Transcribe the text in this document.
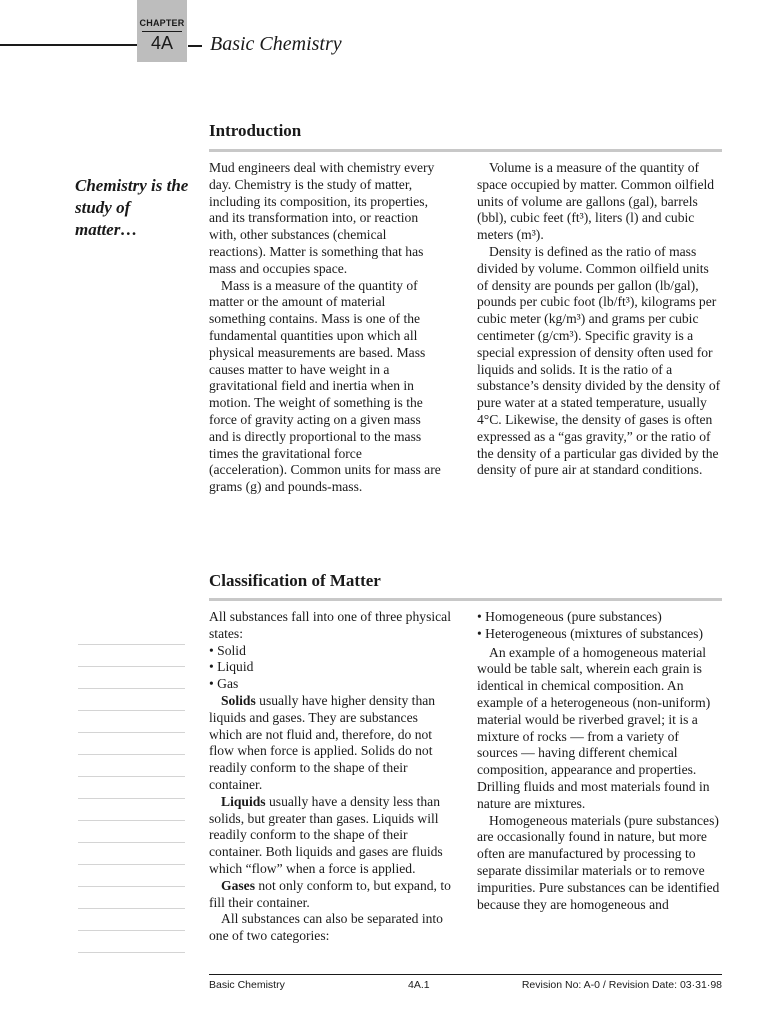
CHAPTER
4A	Basic Chemistry
Introduction
Chemistry is the study of matter…

Mud engineers deal with chemistry every day. Chemistry is the study of matter, including its composition, its properties, and its transformation into, or reaction with, other substances (chemical reactions). Matter is something that has mass and occupies space.

Mass is a measure of the quantity of matter or the amount of material something contains. Mass is one of the fundamental quantities upon which all physical measurements are based. Mass causes matter to have weight in a gravitational field and inertia when in motion. The weight of something is the force of gravity acting on a given mass and is directly proportional to the mass times the gravitational force (acceleration). Common units for mass are grams (g) and pounds-mass.

Volume is a measure of the quantity of space occupied by matter. Common oilfield units of volume are gallons (gal), barrels (bbl), cubic feet (ft³), liters (l) and cubic meters (m³).

Density is defined as the ratio of mass divided by volume. Common oilfield units of density are pounds per gallon (lb/gal), pounds per cubic foot (lb/ft³), kilograms per cubic meter (kg/m³) and grams per cubic centimeter (g/cm³). Specific gravity is a special expression of density often used for liquids and solids. It is the ratio of a substance’s density divided by the density of pure water at a stated temperature, usually 4°C. Likewise, the density of gases is often expressed as a “gas gravity,” or the ratio of the density of a particular gas divided by the density of pure air at standard conditions.

Classification of Matter

All substances fall into one of three physical states:

• Solid

• Liquid

• Gas

Solids usually have higher density than liquids and gases. They are substances which are not fluid and, therefore, do not flow when force is applied. Solids do not readily conform to the shape of their container.

Liquids usually have a density less than solids, but greater than gases. Liquids will readily conform to the shape of their container. Both liquids and gases are fluids which “flow” when a force is applied.

Gases not only conform to, but expand, to fill their container.

All substances can also be separated into one of two categories:

• Homogeneous (pure substances)

• Heterogeneous (mixtures of substances)

An example of a homogeneous material would be table salt, wherein each grain is identical in chemical composition. An example of a heterogeneous (non-uniform) material would be riverbed gravel; it is a mixture of rocks — from a variety of sources — having different chemical composition, appearance and properties. Drilling fluids and most materials found in nature are mixtures.

Homogeneous materials (pure substances) are occasionally found in nature, but more often are manufactured by processing to separate dissimilar materials or to remove impurities. Pure substances can be identified because they are homogeneous and

Basic Chemistry	4A.1	Revision No: A-0 / Revision Date: 03·31·98
